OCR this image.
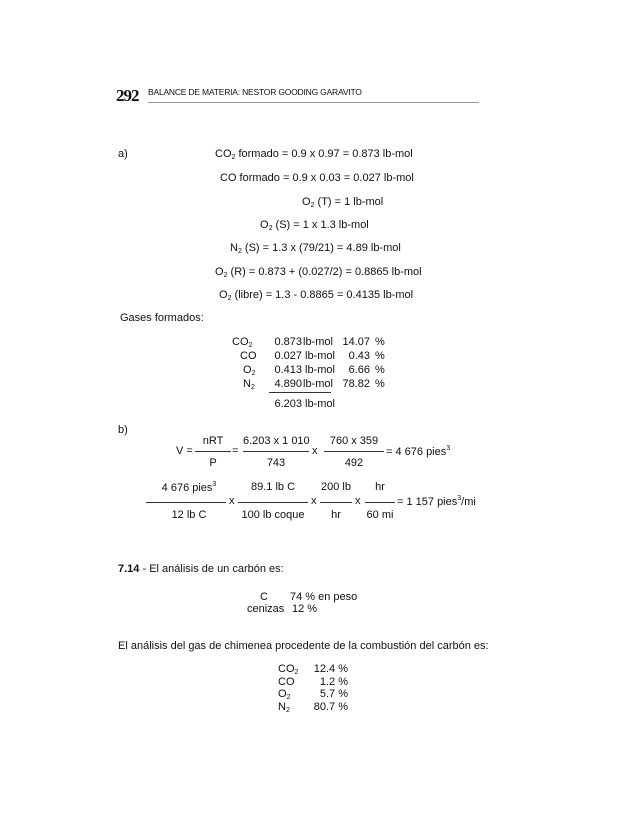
292 BALANCE DE MATERIA: NESTOR GOODING GARAVITO
a)	$CO_2$ formado = 0.9 x 0.97 = 0.873 lb-mol
CO formado = 0.9 x 0.03 = 0.027 lb-mol
$O_2$ (T) = 1 lb-mol
$O_2$ (S) = 1 x 1.3 lb-mol
$N_2$ (S) = 1.3 x (79/21) = 4.89 lb-mol
$O_2$ (R) = 0.873 + (0.027/2) = 0.8865 lb-mol
$O_2$ (libre) = 1.3 - 0.8865 = 0.4135 lb-mol
Gases formados:
$CO_2$	0.873 lb-mol 14.07 %
CO	0.027 lb-mol	0.43 %
$O_2$	0.413 lb-mol	6.66 %
$N_2$	4.890 lb-mol 78.82 %
6.203 lb-mol
b)
nRT
V =
P
=
6.203 x 1 010
743
x
760 x 359
492
= 4 676 pies$^3$
4 676 pies$^3$
12 lb C
x
89.1 lb C
100 lb coque
x
200 lb
hr
x
hr
60 mi
= 1 157 pies$^3$/mi
7.14 - El análisis de un carbón es:
C 74 % en peso
cenizas 12 %
El análisis del gas de chimenea procedente de la combustión del carbón es:
$CO_2$	12.4 %
CO	1.2 %
$O_2$	5.7 %
$N_2$	80.7 %
